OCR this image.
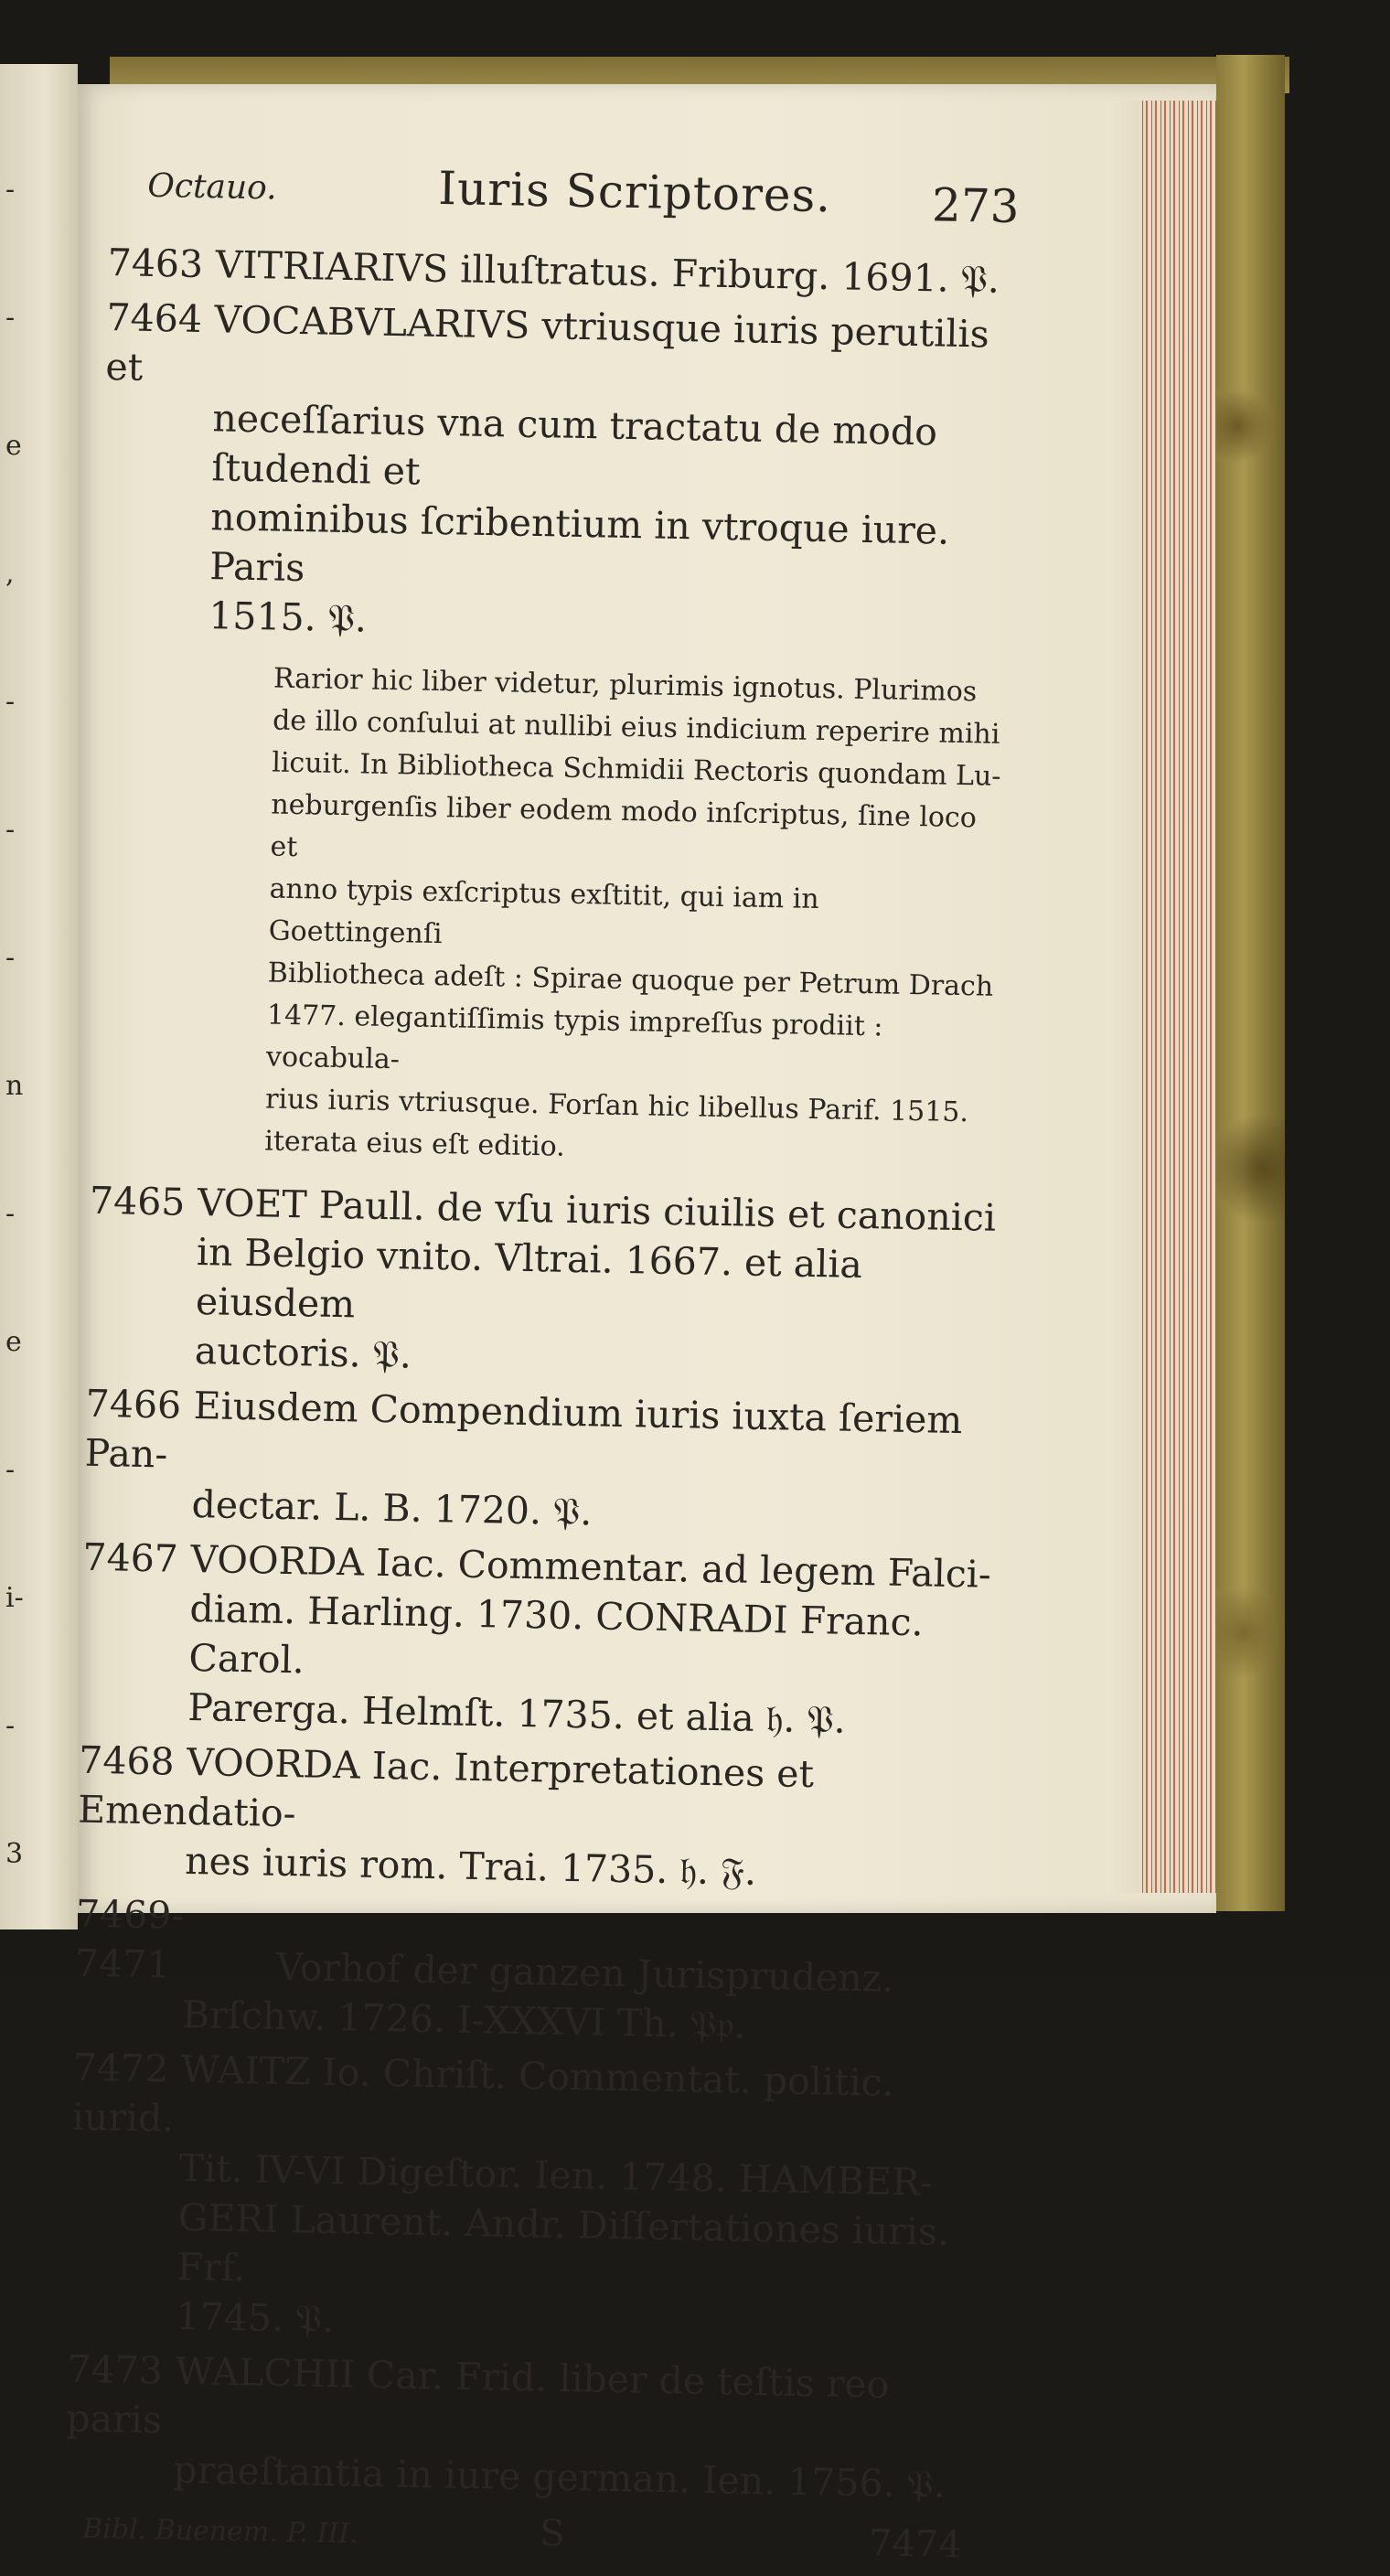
-
-
e
,
-
-
-
n
-
e
-
i-
-
3
Octauo.	Iuris Scriptores. 273
7463 VITRIARIVS illuſtratus. Friburg. 1691. 𝔓.
7464 VOCABVLARIVS vtriusque iuris perutilis et
neceſſarius vna cum tractatu de modo ſtudendi et
nominibus ſcribentium in vtroque iure. Paris
1515. 𝔓.
Rarior hic liber videtur, plurimis ignotus. Plurimos
de illo conſului at nullibi eius indicium reperire mihi
licuit. In Bibliotheca Schmidii Rectoris quondam Lu-
neburgenſis liber eodem modo inſcriptus, ſine loco et
anno typis exſcriptus exſtitit, qui iam in Goettingenſi
Bibliotheca adeſt : Spirae quoque per Petrum Drach
1477. elegantiſſimis typis impreſſus prodiit : vocabula-
rius iuris vtriusque. Forſan hic libellus Parif. 1515.
iterata eius eſt editio.
7465 VOET Paull. de vſu iuris ciuilis et canonici
in Belgio vnito. Vltrai. 1667. et alia eiusdem
auctoris. 𝔓.
7466 Eiusdem Compendium iuris iuxta ſeriem Pan-
dectar. L. B. 1720. 𝔓.
7467 VOORDA Iac. Commentar. ad legem Falci-
diam. Harling. 1730. CONRADI Franc. Carol.
Parerga. Helmſt. 1735. et alia 𝔥. 𝔓.
7468 VOORDA Iac. Interpretationes et Emendatio-
nes iuris rom. Trai. 1735. 𝔥. 𝔉.
7469-7471	Vorhof der ganzen Jurisprudenz.
Brſchw. 1726. I-XXXVI Th. 𝔓𝔭.
7472 WAITZ Io. Chriſt. Commentat. politic. iurid.
Tit. IV-VI Digeſtor. Ien. 1748. HAMBER-
GERI Laurent. Andr. Diſſertationes iuris. Frf.
1745. 𝔓.
7473 WALCHII Car. Frid. liber de teſtis reo paris
praeſtantia in iure german. Ien. 1756. 𝔓.
Bibl. Buenem. P. III.	S	7474
